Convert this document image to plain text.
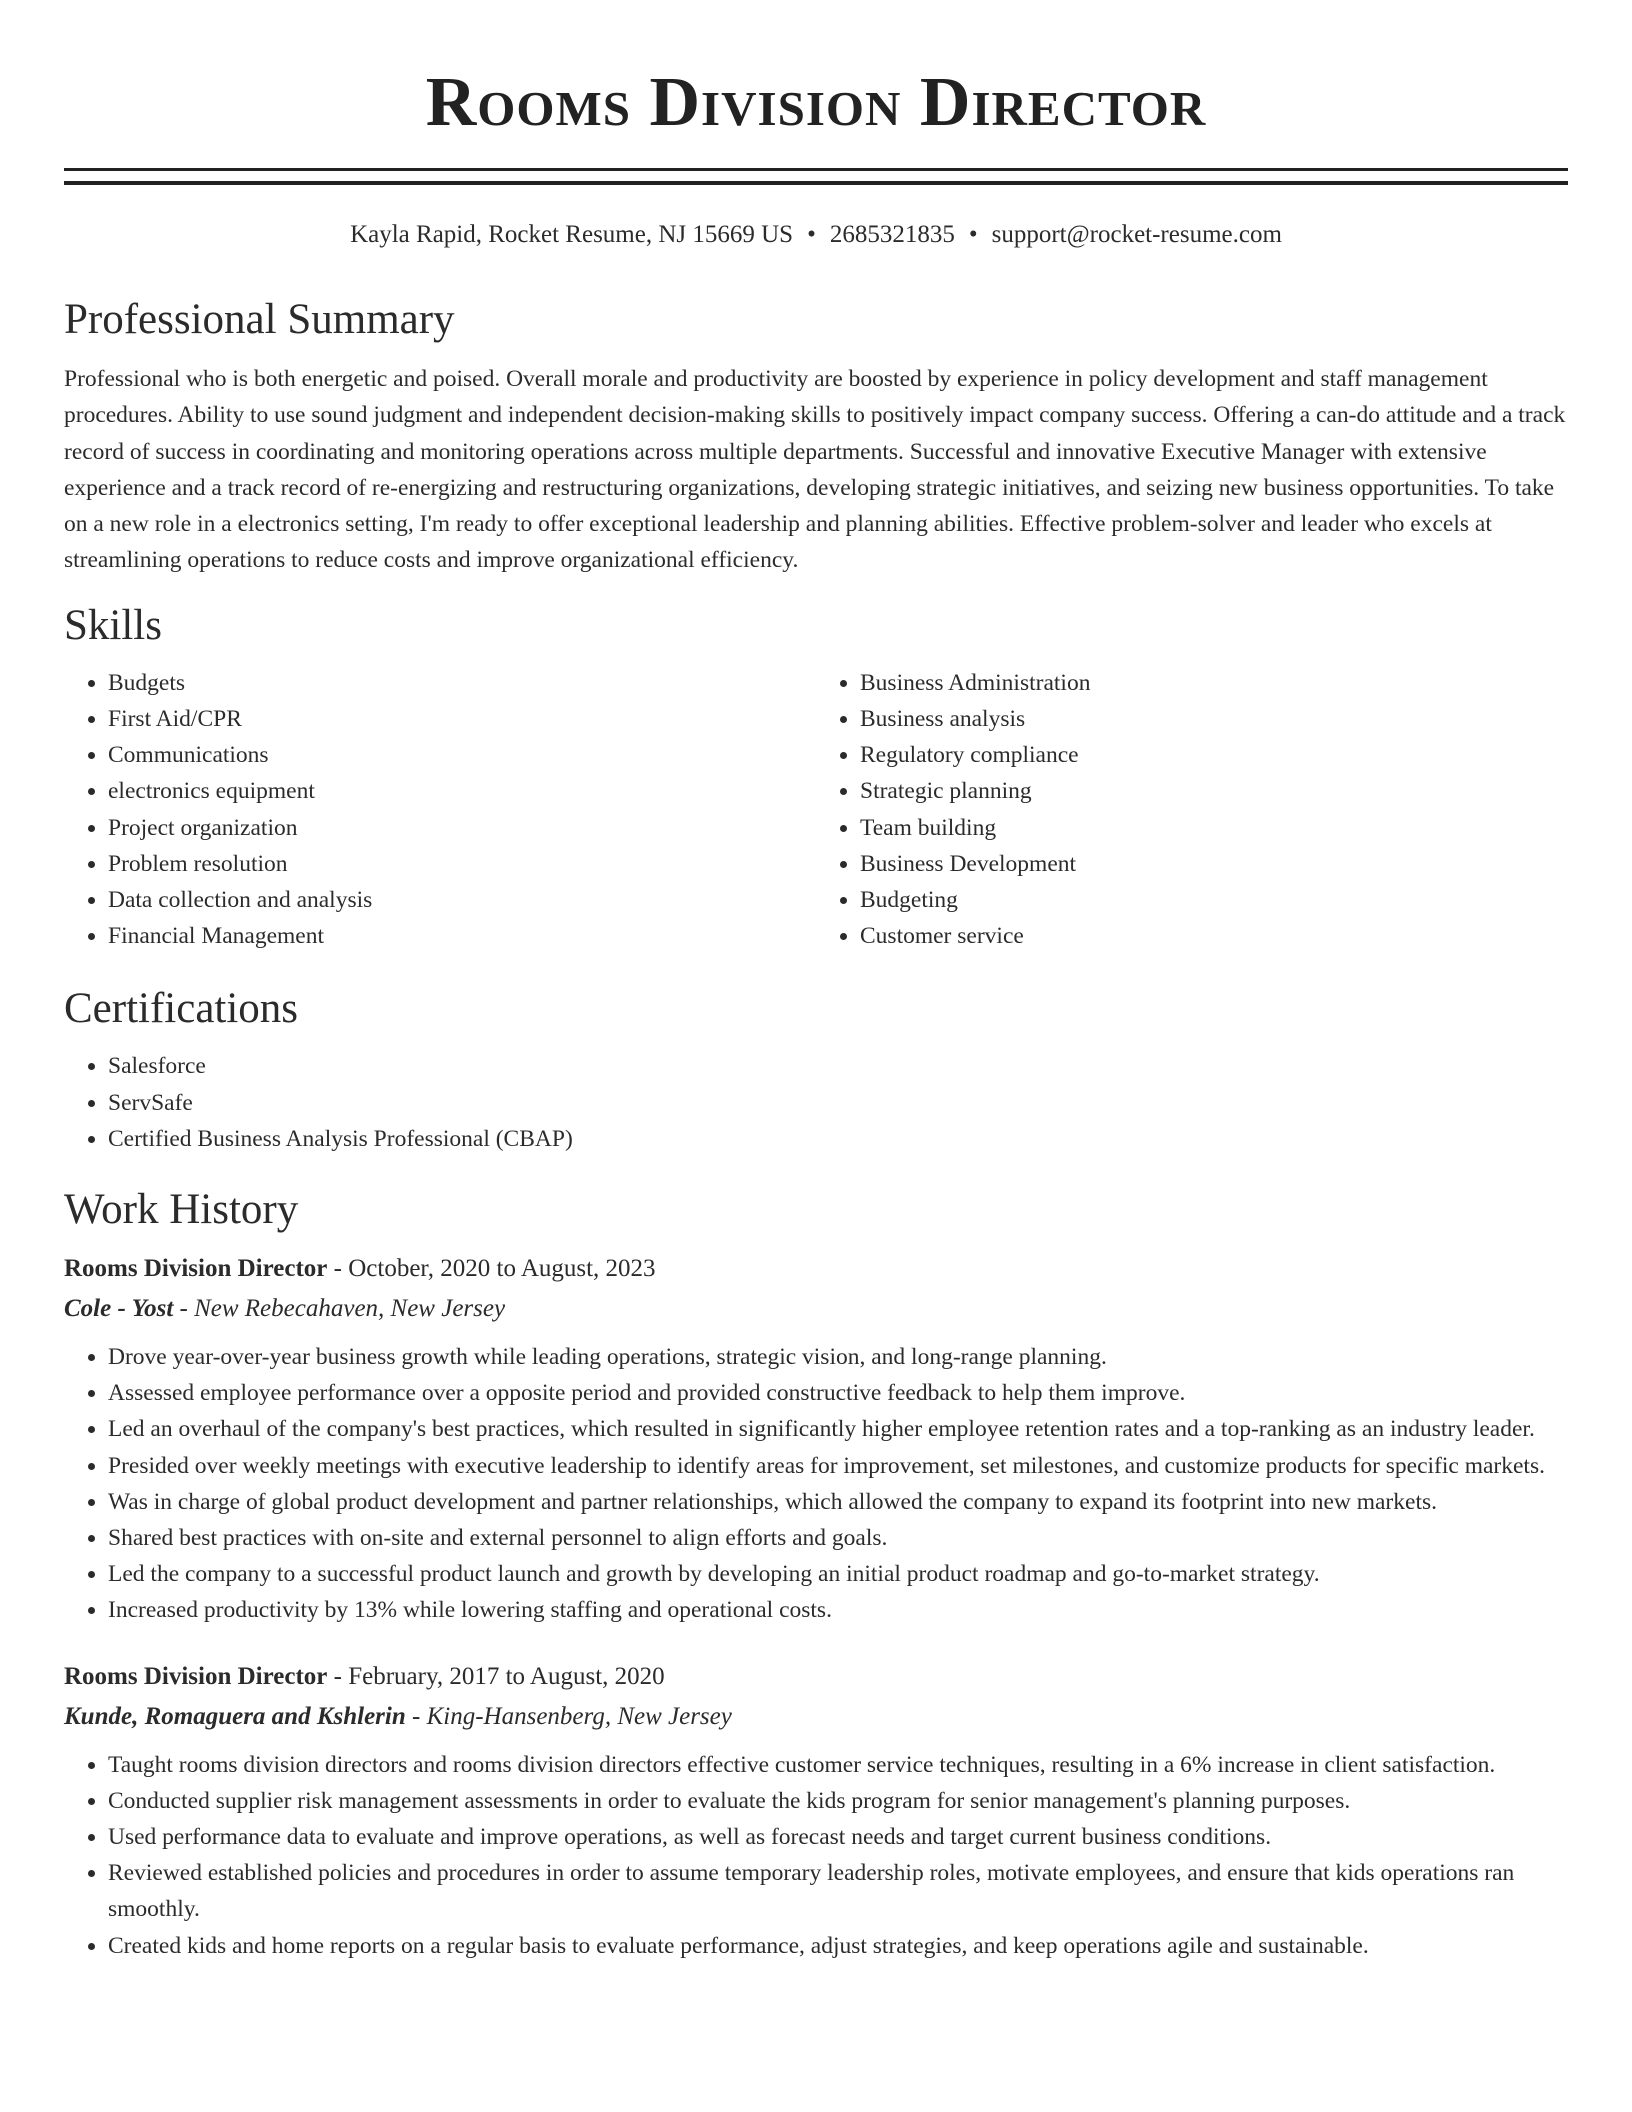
Rooms Division Director
Kayla Rapid, Rocket Resume, NJ 15669 US • 2685321835 • support@rocket-resume.com
Professional Summary

Professional who is both energetic and poised. Overall morale and productivity are boosted by experience in policy development and staff management procedures. Ability to use sound judgment and independent decision-making skills to positively impact company success. Offering a can-do attitude and a track record of success in coordinating and monitoring operations across multiple departments. Successful and innovative Executive Manager with extensive experience and a track record of re-energizing and restructuring organizations, developing strategic initiatives, and seizing new business opportunities. To take on a new role in a electronics setting, I'm ready to offer exceptional leadership and planning abilities. Effective problem-solver and leader who excels at streamlining operations to reduce costs and improve organizational efficiency.

Skills
• Budgets
• First Aid/CPR
• Communications
• electronics equipment
• Project organization
• Problem resolution
• Data collection and analysis
• Financial Management
• Business Administration
• Business analysis
• Regulatory compliance
• Strategic planning
• Team building
• Business Development
• Budgeting
• Customer service
Certifications
• Salesforce
• ServSafe
• Certified Business Analysis Professional (CBAP)
Work History
Rooms Division Director - October, 2020 to August, 2023
Cole - Yost - New Rebecahaven, New Jersey
• Drove year-over-year business growth while leading operations, strategic vision, and long-range planning.
• Assessed employee performance over a opposite period and provided constructive feedback to help them improve.
• Led an overhaul of the company's best practices, which resulted in significantly higher employee retention rates and a top-ranking as an industry leader.
• Presided over weekly meetings with executive leadership to identify areas for improvement, set milestones, and customize products for specific markets.
• Was in charge of global product development and partner relationships, which allowed the company to expand its footprint into new markets.
• Shared best practices with on-site and external personnel to align efforts and goals.
• Led the company to a successful product launch and growth by developing an initial product roadmap and go-to-market strategy.
• Increased productivity by 13% while lowering staffing and operational costs.
Rooms Division Director - February, 2017 to August, 2020
Kunde, Romaguera and Kshlerin - King-Hansenberg, New Jersey
• Taught rooms division directors and rooms division directors effective customer service techniques, resulting in a 6% increase in client satisfaction.
• Conducted supplier risk management assessments in order to evaluate the kids program for senior management's planning purposes.
• Used performance data to evaluate and improve operations, as well as forecast needs and target current business conditions.
• Reviewed established policies and procedures in order to assume temporary leadership roles, motivate employees, and ensure that kids operations ran smoothly.
• Created kids and home reports on a regular basis to evaluate performance, adjust strategies, and keep operations agile and sustainable.
